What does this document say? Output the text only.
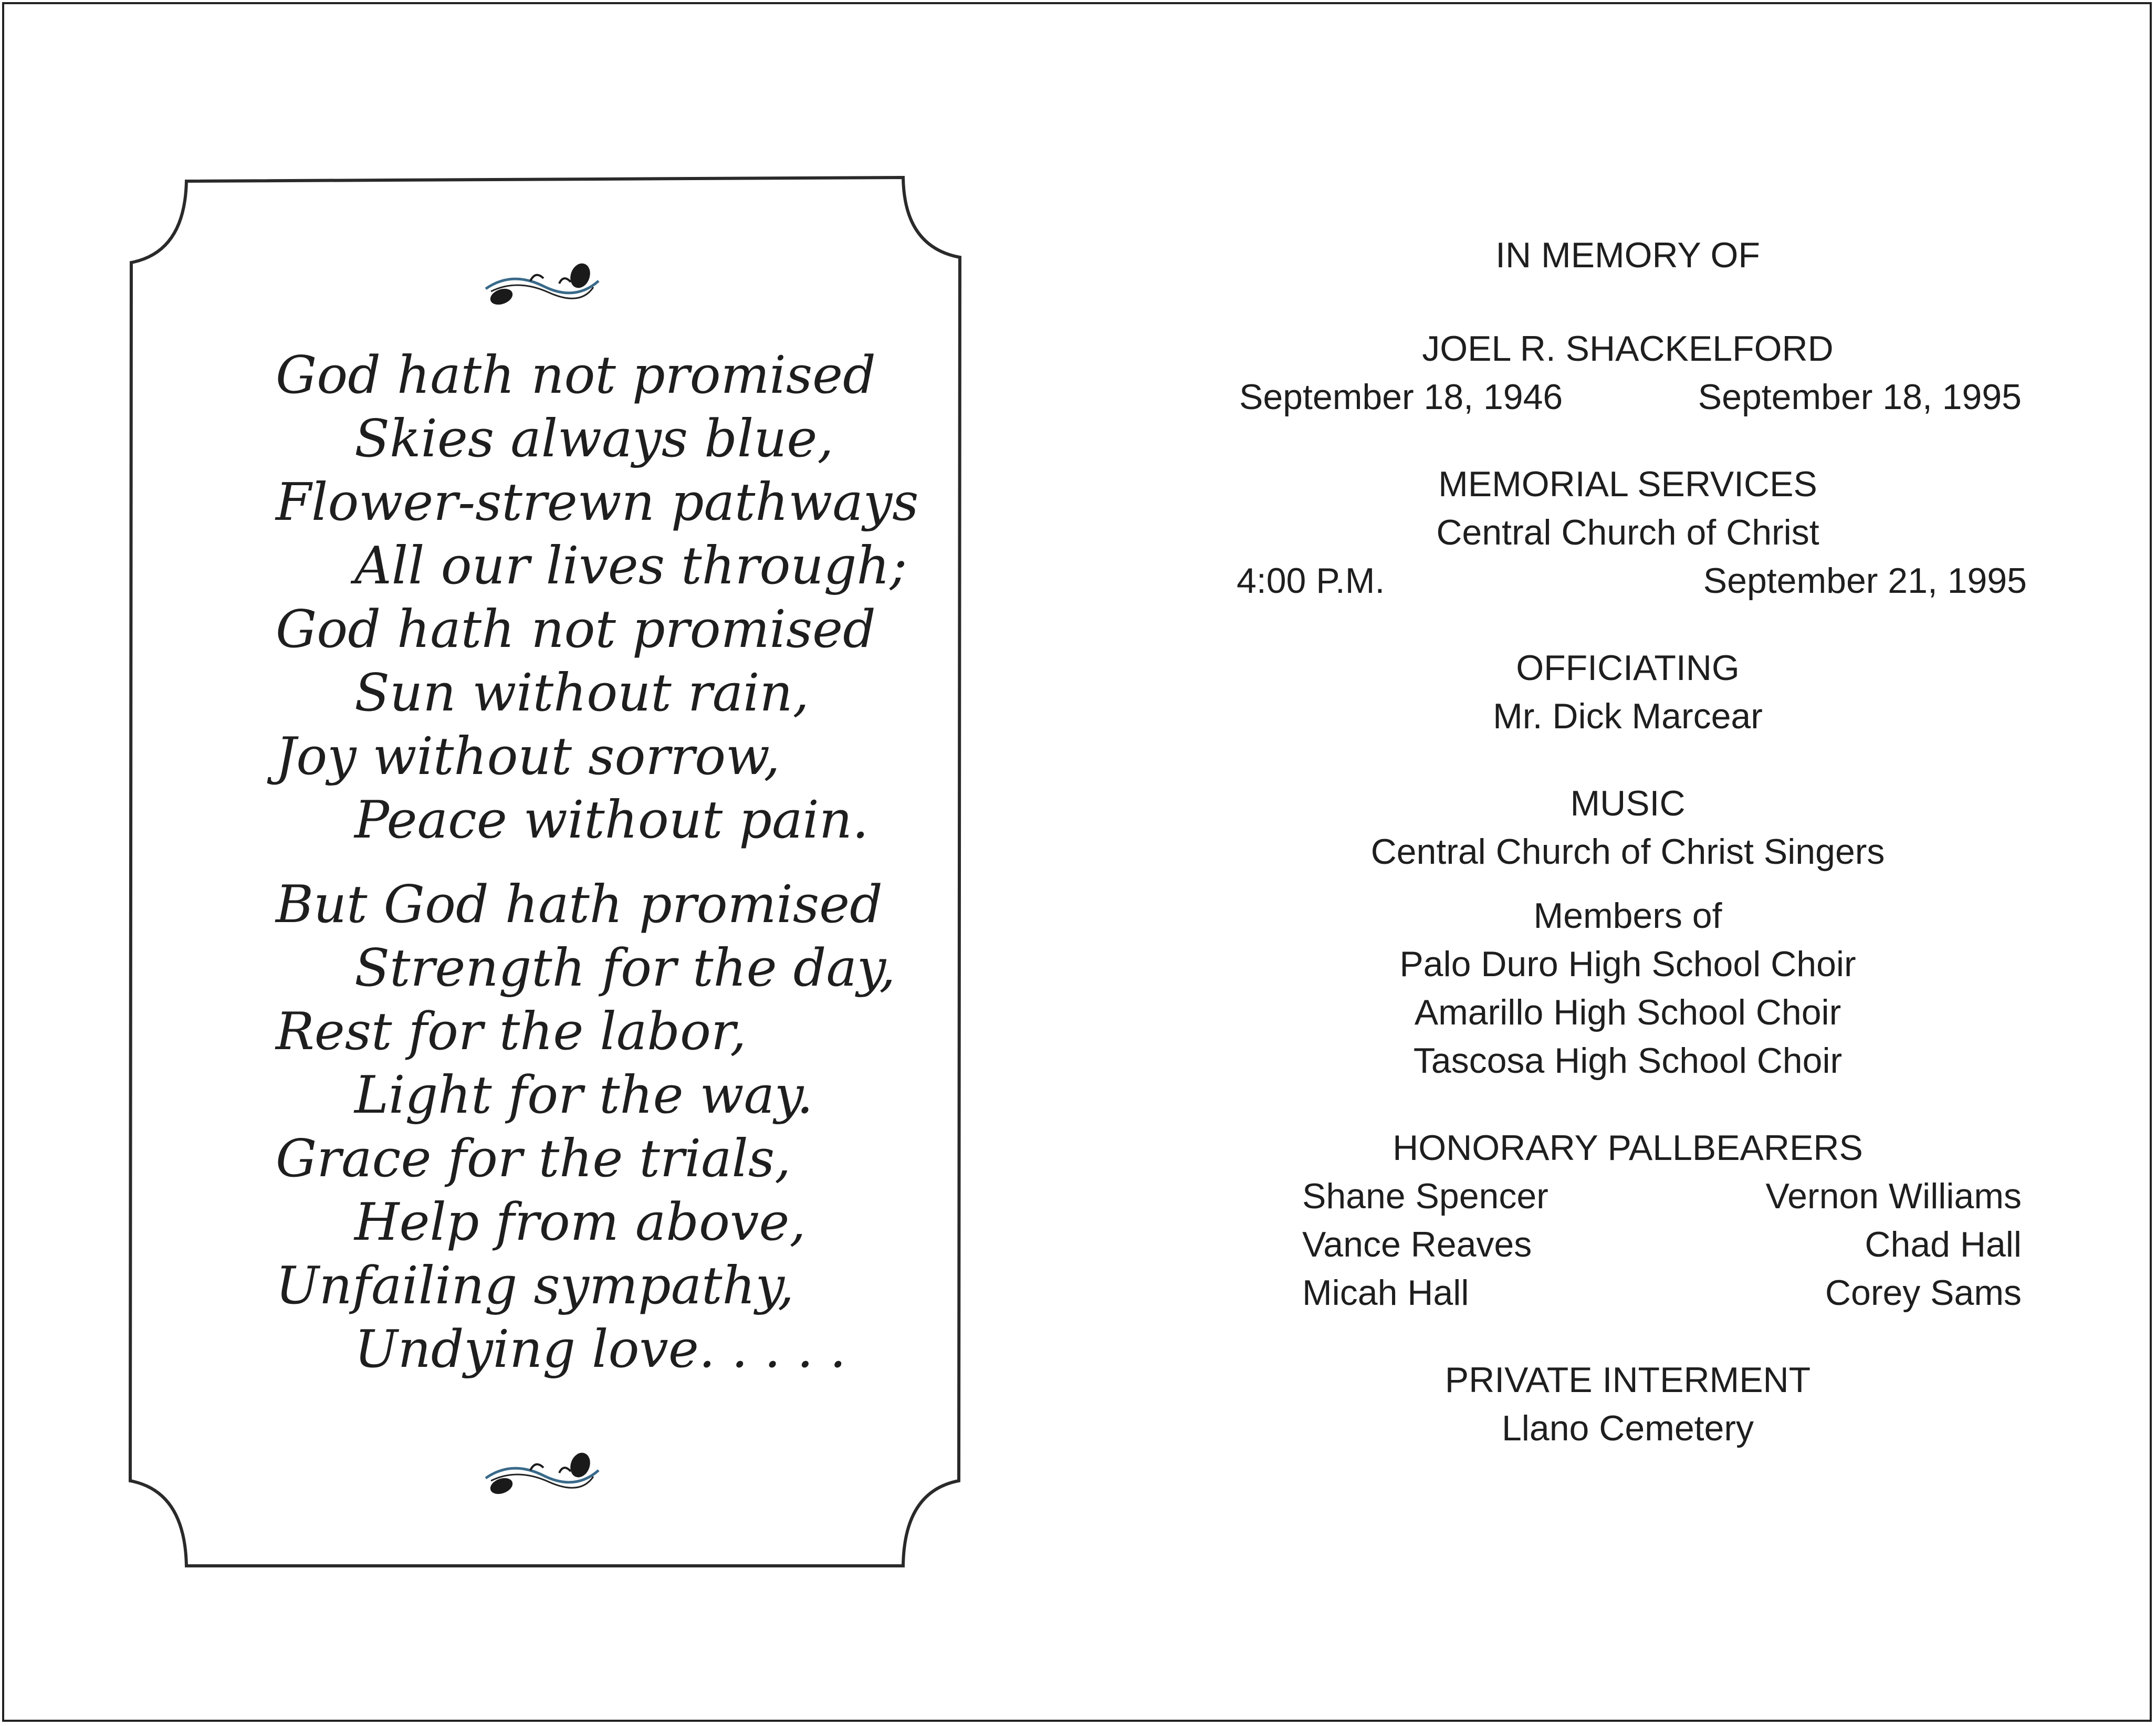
God hath not promised
Skies always blue,
Flower-strewn pathways
All our lives through;
God hath not promised
Sun without rain,
Joy without sorrow,
Peace without pain.
But God hath promised
Strength for the day,
Rest for the labor,
Light for the way.
Grace for the trials,
Help from above,
Unfailing sympathy,
Undying love. . . . .
IN MEMORY OF
JOEL R. SHACKELFORD
September 18, 1946	September 18, 1995
MEMORIAL SERVICES
Central Church of Christ
4:00 P.M.	September 21, 1995
OFFICIATING
Mr. Dick Marcear
MUSIC
Central Church of Christ Singers
Members of
Palo Duro High School Choir
Amarillo High School Choir
Tascosa High School Choir
HONORARY PALLBEARERS
Shane Spencer	Vernon Williams
Vance Reaves	Chad Hall
Micah Hall	Corey Sams
PRIVATE INTERMENT
Llano Cemetery
